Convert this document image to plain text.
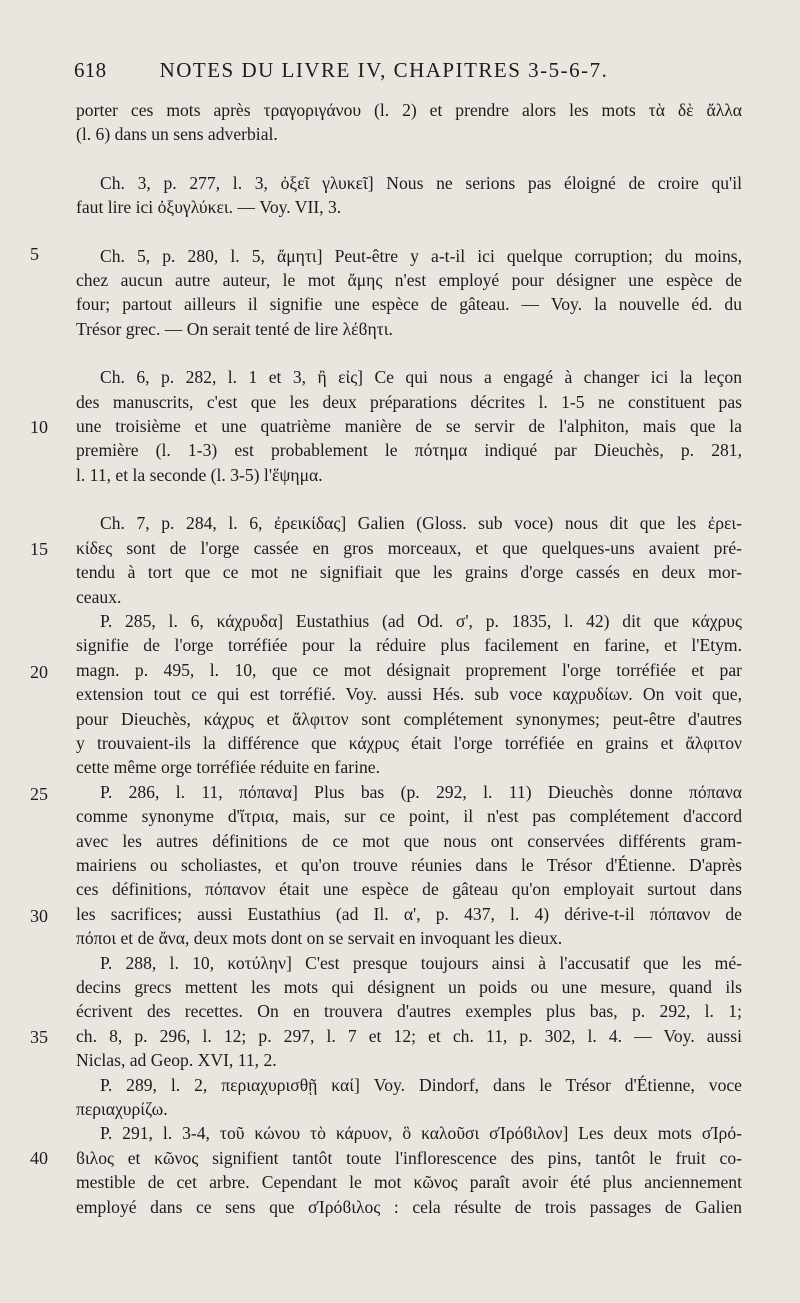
618	NOTES DU LIVRE IV, CHAPITRES 3-5-6-7.
5
10
15
20
25
30
35
40
porter ces mots après τραγοριγάνου (l. 2) et prendre alors les mots τὰ δὲ ἄλλα
(l. 6) dans un sens adverbial.
Ch. 3, p. 277, l. 3, ὀξεῖ γλυκεῖ] Nous ne serions pas éloigné de croire qu'il
faut lire ici ὀξυγλύκει. — Voy. VII, 3.
Ch. 5, p. 280, l. 5, ἄμητι] Peut-être y a-t-il ici quelque corruption; du moins,
chez aucun autre auteur, le mot ἄμης n'est employé pour désigner une espèce de
four; partout ailleurs il signifie une espèce de gâteau. — Voy. la nouvelle éd. du
Trésor grec. — On serait tenté de lire λέϐητι.
Ch. 6, p. 282, l. 1 et 3, ἢ εἰς] Ce qui nous a engagé à changer ici la leçon
des manuscrits, c'est que les deux préparations décrites l. 1-5 ne constituent pas
une troisième et une quatrième manière de se servir de l'alphiton, mais que la
première (l. 1-3) est probablement le πότημα indiqué par Dieuchès, p. 281,
l. 11, et la seconde (l. 3-5) l'ἕψημα.
Ch. 7, p. 284, l. 6, ἐρεικίδας] Galien (Gloss. sub voce) nous dit que les ἐρει-
κίδες sont de l'orge cassée en gros morceaux, et que quelques-uns avaient pré-
tendu à tort que ce mot ne signifiait que les grains d'orge cassés en deux mor-
ceaux.
P. 285, l. 6, κάχρυδα] Eustathius (ad Od. σ', p. 1835, l. 42) dit que κάχρυς
signifie de l'orge torréfiée pour la réduire plus facilement en farine, et l'Etym.
magn. p. 495, l. 10, que ce mot désignait proprement l'orge torréfiée et par
extension tout ce qui est torréfié. Voy. aussi Hés. sub voce καχρυδίων. On voit que,
pour Dieuchès, κάχρυς et ἄλφιτον sont complétement synonymes; peut-être d'autres
y trouvaient-ils la différence que κάχρυς était l'orge torréfiée en grains et ἄλφιτον
cette même orge torréfiée réduite en farine.
P. 286, l. 11, πόπανα] Plus bas (p. 292, l. 11) Dieuchès donne πόπανα
comme synonyme d'ἴτρια, mais, sur ce point, il n'est pas complétement d'accord
avec les autres définitions de ce mot que nous ont conservées différents gram-
mairiens ou scholiastes, et qu'on trouve réunies dans le Trésor d'Étienne. D'après
ces définitions, πόπανον était une espèce de gâteau qu'on employait surtout dans
les sacrifices; aussi Eustathius (ad Il. α', p. 437, l. 4) dérive-t-il πόπανον de
πόποι et de ἄνα, deux mots dont on se servait en invoquant les dieux.
P. 288, l. 10, κοτύλην] C'est presque toujours ainsi à l'accusatif que les mé-
decins grecs mettent les mots qui désignent un poids ou une mesure, quand ils
écrivent des recettes. On en trouvera d'autres exemples plus bas, p. 292, l. 1;
ch. 8, p. 296, l. 12; p. 297, l. 7 et 12; et ch. 11, p. 302, l. 4. — Voy. aussi
Niclas, ad Geop. XVI, 11, 2.
P. 289, l. 2, περιαχυρισθῇ καί] Voy. Dindorf, dans le Trésor d'Étienne, voce
περιαχυρίζω.
P. 291, l. 3-4, τοῦ κώνου τὸ κάρυον, ὃ καλοῦσι σΊρόϐιλον] Les deux mots σΊρό-
ϐιλος et κῶνος signifient tantôt toute l'inflorescence des pins, tantôt le fruit co-
mestible de cet arbre. Cependant le mot κῶνος paraît avoir été plus anciennement
employé dans ce sens que σΊρόϐιλος : cela résulte de trois passages de Galien
